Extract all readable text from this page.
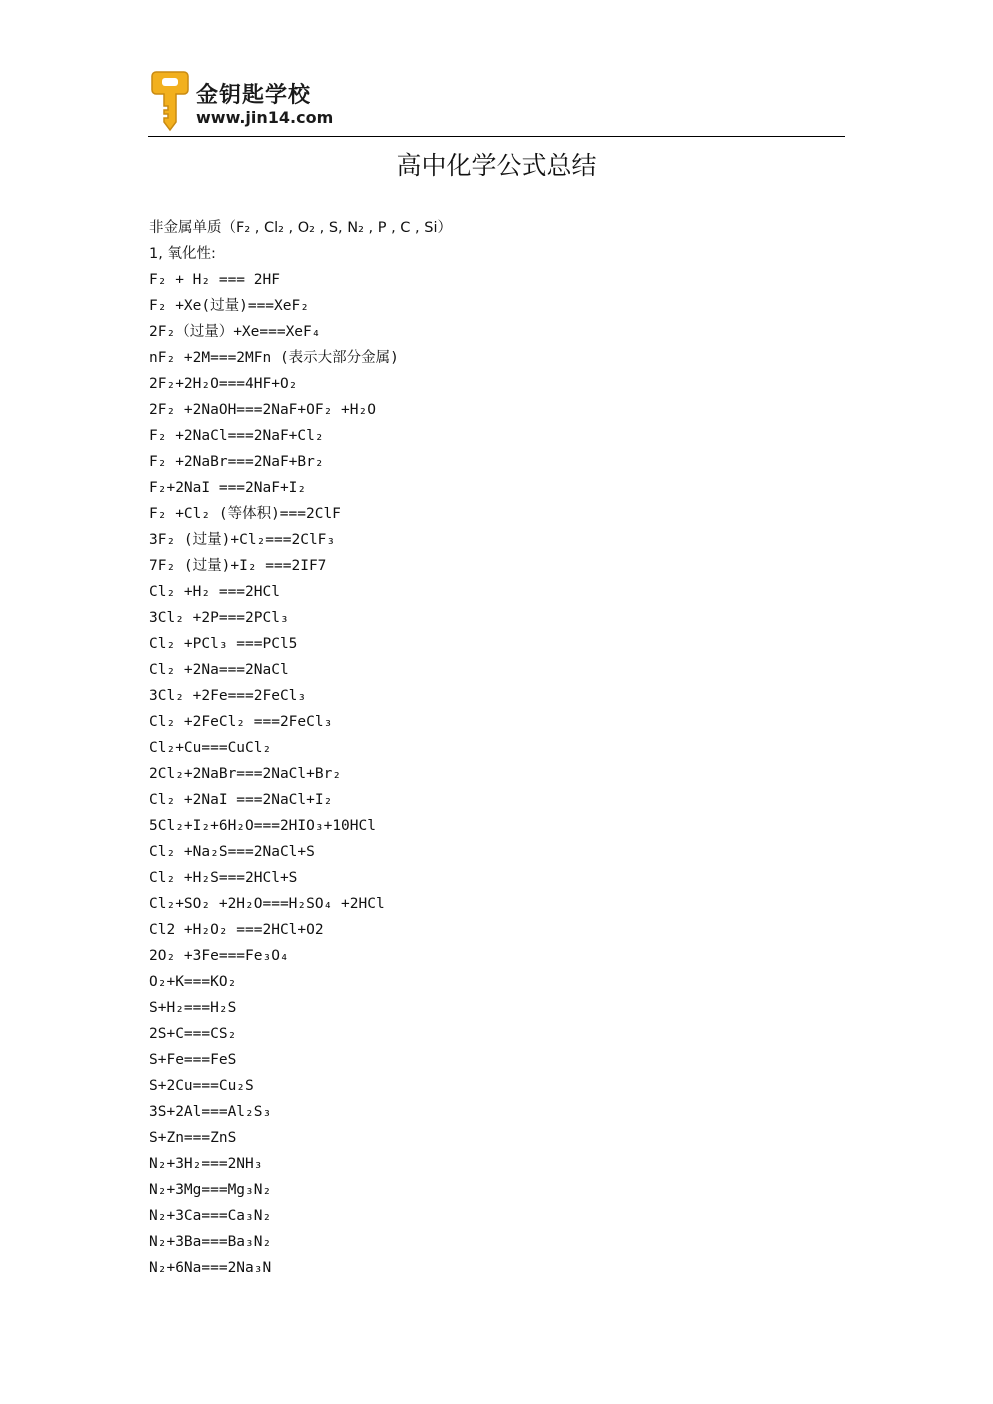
金钥匙学校
www.jin14.com
高中化学公式总结
非金属单质（F₂ , Cl₂ , O₂ , S, N₂ , P , C , Si）
1, 氧化性:
F₂ + H₂ === 2HF
F₂ +Xe(过量)===XeF₂
2F₂（过量）+Xe===XeF₄
nF₂ +2M===2MFn (表示大部分金属)
2F₂+2H₂O===4HF+O₂
2F₂ +2NaOH===2NaF+OF₂ +H₂O
F₂ +2NaCl===2NaF+Cl₂
F₂ +2NaBr===2NaF+Br₂
F₂+2NaI ===2NaF+I₂
F₂ +Cl₂ (等体积)===2ClF
3F₂ (过量)+Cl₂===2ClF₃
7F₂ (过量)+I₂ ===2IF7
Cl₂ +H₂ ===2HCl
3Cl₂ +2P===2PCl₃
Cl₂ +PCl₃ ===PCl5
Cl₂ +2Na===2NaCl
3Cl₂ +2Fe===2FeCl₃
Cl₂ +2FeCl₂ ===2FeCl₃
Cl₂+Cu===CuCl₂
2Cl₂+2NaBr===2NaCl+Br₂
Cl₂ +2NaI ===2NaCl+I₂
5Cl₂+I₂+6H₂O===2HIO₃+10HCl
Cl₂ +Na₂S===2NaCl+S
Cl₂ +H₂S===2HCl+S
Cl₂+SO₂ +2H₂O===H₂SO₄ +2HCl
Cl2 +H₂O₂ ===2HCl+O2
2O₂ +3Fe===Fe₃O₄
O₂+K===KO₂
S+H₂===H₂S
2S+C===CS₂
S+Fe===FeS
S+2Cu===Cu₂S
3S+2Al===Al₂S₃
S+Zn===ZnS
N₂+3H₂===2NH₃
N₂+3Mg===Mg₃N₂
N₂+3Ca===Ca₃N₂
N₂+3Ba===Ba₃N₂
N₂+6Na===2Na₃N
